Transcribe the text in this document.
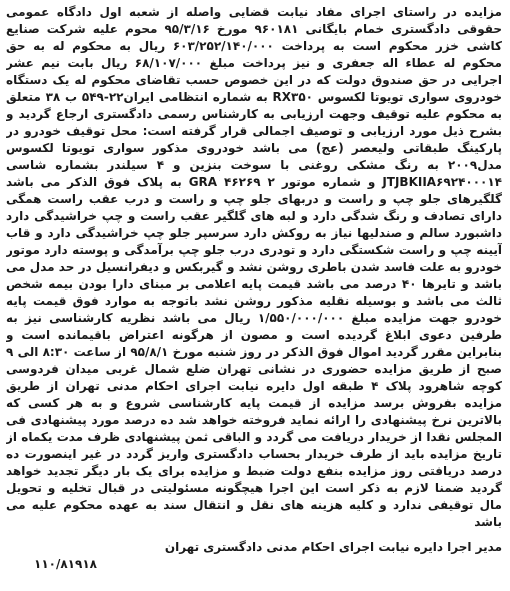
مزایده در راستای اجرای مفاد نیابت قضایی واصله از شعبه اول دادگاه عمومی حقوقی دادگستری خمام بایگانی ۹۶۰۱۸۱ مورخ ۹۵/۳/۱۶ محوم علیه شرکت صنایع کاشی خزر محکوم است به پرداخت ۶۰۳/۲۵۲/۱۴۰/۰۰۰ ریال به محکوم له به حق محکوم له عطاء اله جعفری و نیز پرداخت مبلغ ۶۸/۱۰۷/۰۰۰ ریال بابت نیم عشر اجرایی در حق صندوق دولت که در این خصوص حسب تقاضای محکوم له یک دستگاه خودروی سواری تویوتا لکسوس RX۳۵۰ به شماره انتظامی ایران۲۲-۵۴۹ ب ۳۸ متعلق به محکوم علیه توقیف وجهت ارزیابی به کارشناس رسمی دادگستری ارجاع گردید و بشرح ذیل مورد ارزیابی و توصیف اجمالی قرار گرفته است: محل توقیف خودرو در پارکینگ طبقاتی ولیعصر (عج) می باشد خودروی مذکور سواری تویوتا لکسوس مدل۲۰۰۹ به رنگ مشکی روغنی با سوخت بنزین و ۴ سیلندر بشماره شاسی JTJBKIIA۶۹۲۴۰۰۰۱۴ و شماره موتور GRA ۴۶۲۶۹ ۲ به پلاک فوق الذکر می باشد گلگیرهای جلو چپ و راست و دربهای جلو چپ و راست و درب عقب راست همگی دارای تصادف و رنگ شدگی دارد و لبه های گلگیر عقب راست و چپ خراشیدگی دارد داشبورد سالم و صندلیها نیاز به روکش دارد سرسپر جلو چپ خراشیدگی دارد و قاب آیینه چپ و راست شکستگی دارد و تودری درب جلو چپ برآمدگی و پوسته دارد موتور خودرو به علت فاسد شدن باطری روشن نشد و گیربکس و دیفرانسیل در حد مدل می باشد و تایرها ۴۰ درصد می باشد قیمت پایه اعلامی بر مبنای دارا بودن بیمه شخص ثالث می باشد و بوسیله نقلیه مذکور روشن نشد باتوجه به موارد فوق قیمت پایه خودرو جهت مزایده مبلغ ۱/۵۵۰/۰۰۰/۰۰۰ ریال می باشد نظریه کارشناسی نیز به طرفین دعوی ابلاغ گردیده است و مصون از هرگونه اعتراض باقیمانده است و بنابراین مقرر گردید اموال فوق الذکر در روز شنبه مورخ ۹۵/۸/۱ از ساعت ۸:۳۰ الی ۹ صبح از طریق مزایده حضوری در نشانی تهران ضلع شمال غربی میدان فردوسی کوچه شاهرود پلاک ۴ طبقه اول دایره نیابت اجرای احکام مدنی تهران از طریق مزایده بفروش برسد مزایده از قیمت پایه کارشناسی شروع و به هر کسی که بالاترین نرخ پیشنهادی را ارائه نماید فروخته خواهد شد ده درصد مورد پیشنهادی فی المجلس نقدا از خریدار دریافت می گردد و الباقی ثمن پیشنهادی ظرف مدت یکماه از تاریخ مزایده باید از طرف خریدار بحساب دادگستری واریز گردد در غیر اینصورت ده درصد دریافتی روز مزایده بنفع دولت ضبط و مزایده برای یک بار دیگر تجدید خواهد گردید ضمنا لازم به ذکر است این اجرا هیچگونه مسئولیتی در قبال تخلیه و تحویل مال توقیفی ندارد و کلیه هزینه های نقل و انتقال سند به عهده محکوم علیه می باشد

مدیر اجرا دایره نیابت اجرای احکام مدنی دادگستری تهران
۱۱۰/۸۱۹۱۸
